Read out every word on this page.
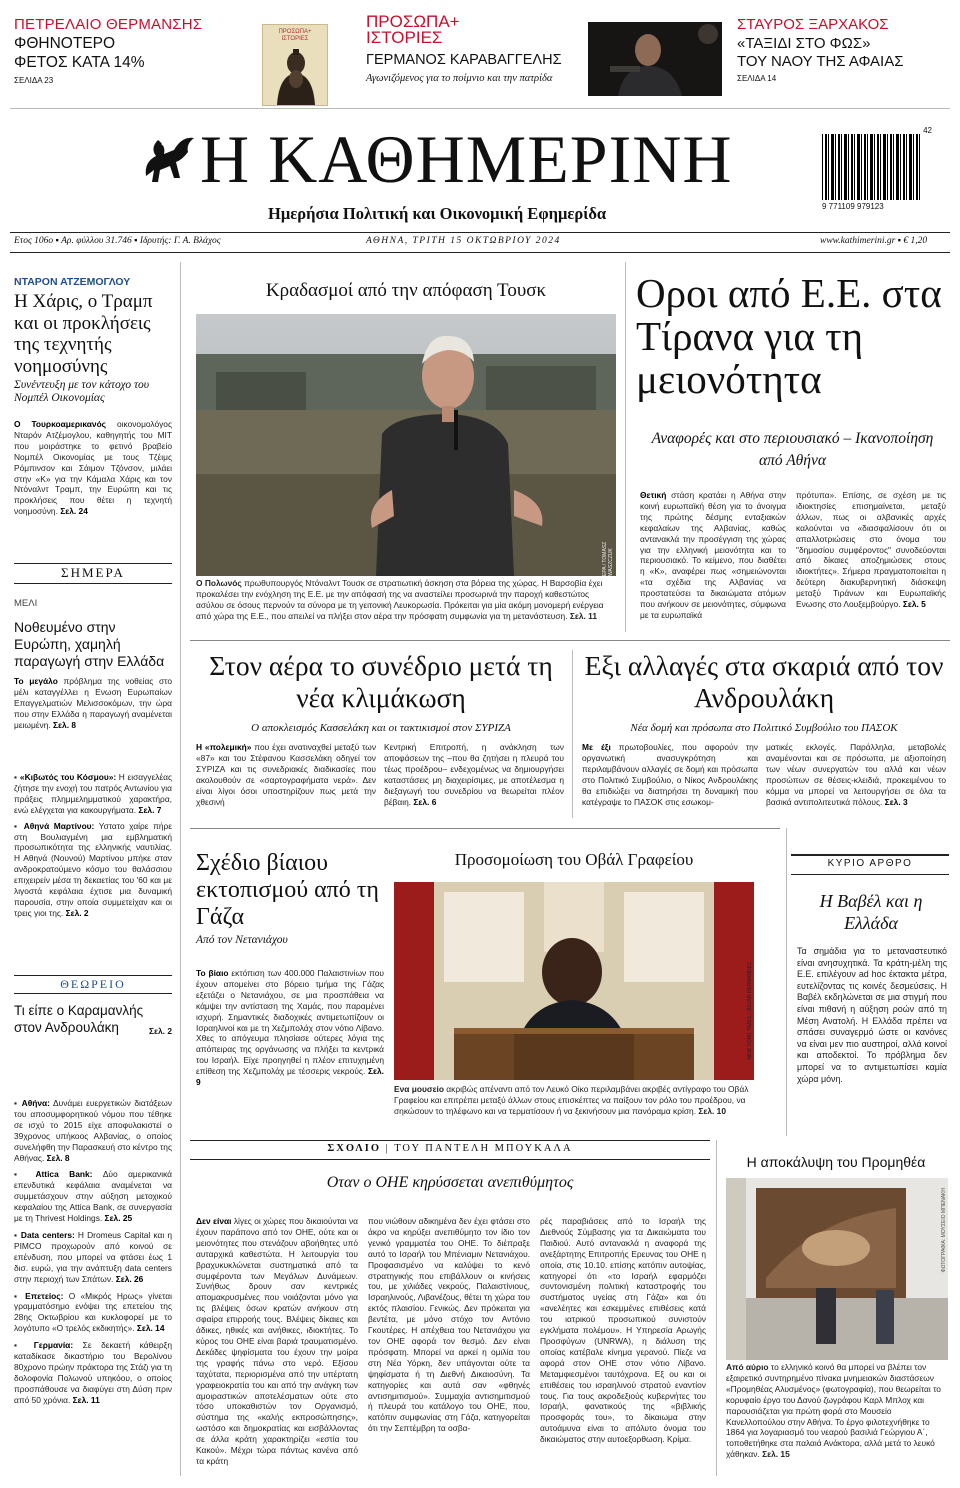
ΠΕΤΡΕΛΑΙΟ ΘΕΡΜΑΝΣΗΣ
ΦΘΗΝΟΤΕΡΟ
ΦΕΤΟΣ ΚΑΤΑ 14%
ΣΕΛΙΔΑ 23
ΠΡΟΣΩΠΑ+ ΙΣΤΟΡΙΕΣ
ΠΡΟΣΩΠΑ+
ΙΣΤΟΡΙΕΣ
ΓΕΡΜΑΝΟΣ ΚΑΡΑΒΑΓΓΕΛΗΣ
Αγωνιζόμενος για το ποίμνιο και την πατρίδα
ΣΤΑΥΡΟΣ ΞΑΡΧΑΚΟΣ
«ΤΑΞΙΔΙ ΣΤΟ ΦΩΣ»
ΤΟΥ ΝΑΟΥ ΤΗΣ ΑΦΑΙΑΣ
ΣΕΛΙΔΑ 14
Η ΚΑΘΗΜΕΡΙΝΗ
Ημερήσια Πολιτική και Οικονομική Εφημερίδα
42
9 771109 979123
Ετος 106ο ▪ Αρ. φύλλου 31.746 ▪ Ιδρυτής: Γ. Α. Βλάχος	ΑΘΗΝΑ, ΤΡΙΤΗ 15 ΟΚΤΩΒΡΙΟΥ 2024	www.kathimerini.gr ▪ € 1,20
ΝΤΑΡΟΝ ΑΤΖΕΜΟΓΛΟΥ
Η Χάρις, ο Τραμπ και οι προκλήσεις της τεχνητής νοημοσύνης
Συνέντευξη με τον κάτοχο του Νομπέλ Οικονομίας
Ο Τουρκοαμερικανός οικονομολόγος Νταρόν Ατζέμογλου, καθηγητής του ΜΙΤ που μοιράστηκε το φετινό βραβείο Νομπέλ Οικονομίας με τους Τζέιμς Ρόμπινσον και Σάιμον Τζόνσον, μιλάει στην «Κ» για την Κάμαλα Χάρις και τον Ντόναλντ Τραμπ, την Ευρώπη και τις προκλήσεις που θέτει η τεχνητή νοημοσύνη. Σελ. 24
ΣΗΜΕΡΑ
ΜΕΛΙ
Νοθευμένο στην Ευρώπη, χαμηλή παραγωγή στην Ελλάδα
Το μεγάλο πρόβλημα της νοθείας στο μέλι καταγγέλλει η Ενωση Ευρωπαίων Επαγγελματιών Μελισσοκόμων, την ώρα που στην Ελλάδα η παραγωγή αναμένεται μειωμένη. Σελ. 8
▪ «Κιβωτός του Κόσμου»: Η εισαγγελέας ζήτησε την ενοχή του πατρός Αντωνίου για πράξεις πλημμελημματικού χαρακτήρα, ενώ ελέγχεται για κακουργήματα. Σελ. 7
▪ Αθηνά Μαρτίνου: Υστατο χαίρε πήρε στη Βουλιαγμένη μια εμβληματική προσωπικότητα της ελληνικής ναυτιλίας. Η Αθηνά (Νουνού) Μαρτίνου μπήκε σταν ανδροκρατούμενο κόσμο του θαλάσσιου επιχειρείν μέσα τη δεκαετίας του '60 και με λιγοστά κεφάλαια έχτισε μια δυναμική παρουσία, στην οποία συμμετείχαν και οι τρεις γιοι της. Σελ. 2
ΘΕΩΡΕΙΟ
Τι είπε ο Καραμανλής στον Ανδρουλάκη	Σελ. 2
▪ Αθήνα: Δυνάμει ευεργετικών διατάξεων του αποσυμφορητικού νόμου που τέθηκε σε ισχύ το 2015 είχε αποφυλακιστεί ο 39χρονος υπήκοος Αλβανίας, ο οποίος συνελήφθη την Παρασκευή στο κέντρο της Αθήνας. Σελ. 8
▪ Attica Bank: Δύο αμερικανικά επενδυτικά κεφάλαια αναμένεται να συμμετάσχουν στην αύξηση μετοχικού κεφαλαίου της Attica Bank, σε συνεργασία με τη Thrivest Holdings. Σελ. 25
▪ Data centers: Η Dromeus Capital και η PIMCO προχωρούν από κοινού σε επένδυση, που μπορεί να φτάσει έως 1 δισ. ευρώ, για την ανάπτυξη data centers στην περιοχή των Σπάτων. Σελ. 26
▪ Επετείος: Ο «Μικρός Ηρως» γίνεται γραμματόσημο ενόψει της επετείου της 28ης Οκτωβρίου και κυκλοφορεί με το λογότυπο «Ο τρελός εκδικητής». Σελ. 14
▪ Γερμανία: Σε δεκαετή κάθειρξη καταδίκασε δικαστήριο του Βερολίνου 80χρονο πρώην πράκτορα της Στάζι για τη δολοφονία Πολωνού υπηκόου, ο οποίος προσπάθουσε να διαφύγει στη Δύση πριν από 50 χρόνια. Σελ. 11
Κραδασμοί από την απόφαση Τουσκ
EPA / TOMASZ WASZCZUK
Ο Πολωνός πρωθυπουργός Ντόναλντ Τουσκ σε στρατιωτική άσκηση στα βόρεια της χώρας. Η Βαρσοβία έχει προκαλέσει την ενόχληση της Ε.Ε. με την απόφασή της να αναστείλει προσωρινά την παροχή καθεστώτος ασύλου σε όσους περνούν τα σύνορα με τη γειτονική Λευκορωσία. Πρόκειται για μία ακόμη μονομερή ενέργεια από χώρα της Ε.Ε., που απειλεί να πλήξει στον αέρα την πρόσφατη συμφωνία για τη μετανάστευση. Σελ. 11
Οροι από Ε.Ε. στα Τίρανα για τη μειονότητα
Αναφορές και στο περιουσιακό – Ικανοποίηση από Αθήνα
Θετική στάση κρατάει η Αθήνα στην κοινή ευρωπαϊκή θέση για το άνοιγμα της πρώτης δέσμης ενταξιακών κεφαλαίων της Αλβανίας, καθώς αντανακλά την προσέγγιση της χώρας για την ελληνική μειονότητα και το περιουσιακό. Το κείμενο, που διαθέτει η «Κ», αναφέρει πως «σημειώνονται «τα σχέδια της Αλβανίας να προστατεύσει τα δικαιώματα ατόμων που ανήκουν σε μειονότητες, σύμφωνα με τα ευρωπαϊκά
πρότυπα». Επίσης, σε σχέση με τις ιδιοκτησίες επισημαίνεται, μεταξύ άλλων, πως οι αλβανικές αρχές καλούνται να «διασφαλίσουν ότι οι απαλλοτριώσεις στο όνομα του "δημοσίου συμφέροντος" συνοδεύονται από δίκαιες αποζημιώσεις στους ιδιοκτήτες». Σήμερα πραγματοποιείται η δεύτερη διακυβερνητική διάσκεψη μεταξύ Τιράνων και Ευρωπαϊκής Ενωσης στο Λουξεμβούργο. Σελ. 5
Στον αέρα το συνέδριο μετά τη νέα κλιμάκωση
Ο αποκλεισμός Κασσελάκη και οι τακτικισμοί στον ΣΥΡΙΖΑ
Η «πολεμική» που έχει ανατιναχθεί μεταξύ των «87» και του Στέφανου Κασσελάκη οδηγεί τον ΣΥΡΙΖΑ και τις συνεδριακές διαδικασίες που ακολουθούν σε «σαρτογραφήματα νερά». Δεν είναι λίγοι όσοι υποστηρίζουν πως μετά την χθεσινή
Κεντρική Επιτροπή, η ανάκληση των αποφάσεων της –που θα ζητήσει η πλευρά του τέως προέδρου– ενδεχομένως να δημιουργήσει καταστάσεις μη διαχειρίσιμες, με αποτέλεσμα η διεξαγωγή του συνεδρίου να θεωρείται πλέον βέβαιη. Σελ. 6
Εξι αλλαγές στα σκαριά από τον Ανδρουλάκη
Νέα δομή και πρόσωπα στο Πολιτικό Συμβούλιο του ΠΑΣΟΚ
Με έξι πρωτοβουλίες, που αφορούν την οργανωτική ανασυγκρότηση και περιλαμβάνουν αλλαγές σε δομή και πρόσωπα στο Πολιτικό Συμβούλιο, ο Νίκος Ανδρουλάκης θα επιδιώξει να διατηρήσει τη δυναμική που κατέγραψε το ΠΑΣΟΚ στις εσωκομ-
ματικές εκλογές. Παράλληλα, μεταβολές αναμένονται και σε πρόσωπα, με αξιοποίηση των νέων συνεργατών του αλλά και νέων προσώπων σε θέσεις-κλειδιά, προκειμένου το κόμμα να μπορεί να λειτουργήσει σε όλα τα βασικά αντιπολιτευτικά πόλους. Σελ. 3
Σχέδιο βίαιου εκτοπισμού από τη Γάζα
Από τον Νετανιάχου
Το βίαιο εκτόπιση των 400.000 Παλαιστινίων που έχουν απομείνει στο βόρειο τμήμα της Γάζας εξετάζει ο Νετανιάχου, σε μια προσπάθεια να κάμψει την αντίσταση της Χαμάς, που παραμένει ισχυρή. Σημαντικές διαδοχικές αντιμετωπίζουν οι Ισραηλινοί και με τη Χεζμπολάχ στον νότιο Λίβανο. Χθες το απόγευμα πλησίασε ούτερες λόγια της απόπειρας της οργάνωσης να πλήξει τα κεντρικά του Ισραήλ. Είχε προηγηθεί η πλέον επιτυχημένη επίθεση της Χεζμπολάχ με τέσσερις νεκρούς. Σελ. 9
Προσομοίωση του Οβάλ Γραφείου
NEW YORK TIMES / JULIAN HERNANDEZ
Ενα μουσείο ακριβώς απέναντι από τον Λευκό Οίκο περιλαμβάνει ακριβές αντίγραφο του Οβάλ Γραφείου και επιτρέπει μεταξύ άλλων στους επισκέπτες να παίξουν τον ρόλο του προέδρου, να σηκώσουν το τηλέφωνο και να τερματίσουν ή να ξεκινήσουν μια πανόραμα κρίση. Σελ. 10
ΚΥΡΙΟ ΑΡΘΡΟ
Η Βαβέλ και η Ελλάδα
Τα σημάδια για το μεταναστευτικό είναι ανησυχητικά. Τα κράτη-μέλη της Ε.Ε. επιλέγουν ad hoc έκτακτα μέτρα, ευτελίζοντας τις κοινές δεσμεύσεις. Η Βαβέλ εκδηλώνεται σε μια στιγμή που είναι πιθανή η αύξηση ροών από τη Μέση Ανατολή. Η Ελλάδα πρέπει να σπάσει συναγερμό ώστε οι κανόνες να είναι μεν πιο αυστηροί, αλλά κοινοί και αποδεκτοί. Το πρόβλημα δεν μπορεί να το αντιμετωπίσει καμία χώρα μόνη.
ΣΧΟΛΙΟ | ΤΟΥ ΠΑΝΤΕΛΗ ΜΠΟΥΚΑΛΑ
Οταν ο ΟΗΕ κηρύσσεται ανεπιθύμητος
Δεν είναι λίγες οι χώρες που δικαιούνται να έχουν παράπονο από τον ΟΗΕ, ούτε και οι μειονότητες που στενάζουν αβοήθητες υπό αυταρχικά καθεστώτα. Η λειτουργία του βραχυκυκλώνεται συστηματικά από τα συμφέροντα των Μεγάλων Δυνάμεων. Συνήθως δρουν σαν κεντρικές απομακρυσμένες που νοιάζονται μόνο για τις βλέψεις όσων κρατών ανήκουν στη σφαίρα επιρροής τους. Βλέψεις δίκαιες και άδικες, ηθικές και ανήθικες, ιδιοκτήτες. Το κύρος του ΟΗΕ είναι βαριά τραυματισμένο. Δεκάδες ψηφίσματα του έχουν την μοίρα της γραφής πάνω στο νερό. Εξίσου ταχύτατα, περιορισμένα από την υπέρτατη γραφειοκρατία του και από την ανάγκη των αμοιραστικών αποτελέσματων ούτε στο τόσο υποκαθιστών τον Οργανισμό, σύστημα της «καλής εκπροσώπησης», ωστόσο και δημοκρατίας και εισβάλλοντας σε άλλα κράτη χαρακτηρίζει «εστία του Κακού». Μέχρι τώρα πάντως κανένα από τα κράτη
που νιώθουν αδικημένα δεν έχει φτάσει στο άκρο να κηρύξει ανεπιθύμητο τον ίδιο τον γενικό γραμματέα του ΟΗΕ. Το διέπραξε αυτό το Ισραήλ του Μπένιαμιν Νετανιάχου. Προφασισμένο να καλύψει το κενό στρατηγικής που επιβάλλουν οι κινήσεις του, με χιλιάδες νεκρούς, Παλαιστίνιους, Ισραηλινούς, Λιβανέζους, θέτει τη χώρα του εκτός πλαισίου. Γενικώς. Δεν πρόκειται για βεντέτα, με μόνο στόχο τον Αντόνιο Γκουτέρες. Η απέχθεια του Νετανιάχου για τον ΟΗΕ αφορά τον θεσμό. Δεν είναι πρόσφατη. Μπορεί να αρκεί η ομιλία του στη Νέα Υόρκη, δεν υπάγονται ούτε τα ψηφίσματα ή τη Διεθνή Δικαιοσύνη. Τα κατηγορίες και αυτά σαν «φθηνές αντισημιτισμού». Συμμαχία αντισημιτισμού ή πλευρά του κατάλογο του ΟΗΕ, που, κατόπιν συμφωνίας στη Γάζα, κατηγορείται ότι την Σεπτέμβρη τα οσβα-
ρές παραβιάσεις από το Ισραήλ της Διεθνούς Σύμβασης για τα Δικαιώματα του Παιδιού. Αυτό αντανακλά η αναφορά της ανεξάρτητης Επιτροπής Ερευνας του ΟΗΕ η οποία, στις 10.10. επίσης κατόπιν αυτοψίας, κατηγορεί ότι «το Ισραήλ εφαρμόζει συντονισμένη πολιτική καταστροφής του συστήματος υγείας στη Γάζα» και ότι «ανελέητες και εσκεμμένες επιθέσεις κατά του ιατρικού προσωπικού συνιστούν εγκλήματα πολέμου». Η Υπηρεσία Αρωγής Προσφύγων (UNRWA), η διάλυση της οποίας κατέβαλε κίνημα γερανού. Πίεζε να αφορά στον ΟΗΕ στον νότιο Λίβανο. Μεταμφιεσμένοι ταυτόχρονα. Εξ ου και οι επιθέσεις του ισραηλινού στρατού εναντίον τους. Για τους ακροδεξιούς κυβερνήτες του Ισραήλ, φανατικούς της «βιβλικής προσφοράς του», το δίκαιωμα στην αυτοάμυνα είναι το απόλυτο όνομα του δικαιώματος στην αυτοεξορθωση. Κρίμα.
Η αποκάλυψη του Προμηθέα
ΦΩΤΟΓΡΑΦΙΑ: ΜΟΥΣΕΙΟ ΜΠΕΝΑΚΗ
Από αύριο το ελληνικό κοινό θα μπορεί να βλέπει τον εξαιρετικό συντηρημένο πίνακα μνημειακών διαστάσεων «Προμηθέας Αλυσμένος» (φωτογραφία), που θεωρείται το κορυφαίο έργο του Δανού ζωγράφου Καρλ Μπλοχ και παρουσιάζεται για πρώτη φορά στο Μουσείο Κανελλοπούλου στην Αθήνα. Το έργο φιλοτεχνήθηκε το 1864 για λογαριασμό του νεαρού βασιλιά Γεώργιου Α΄, τοποθετήθηκε στα παλαιά Ανάκτορα, αλλά μετά το λευκό χάθηκαν. Σελ. 15
